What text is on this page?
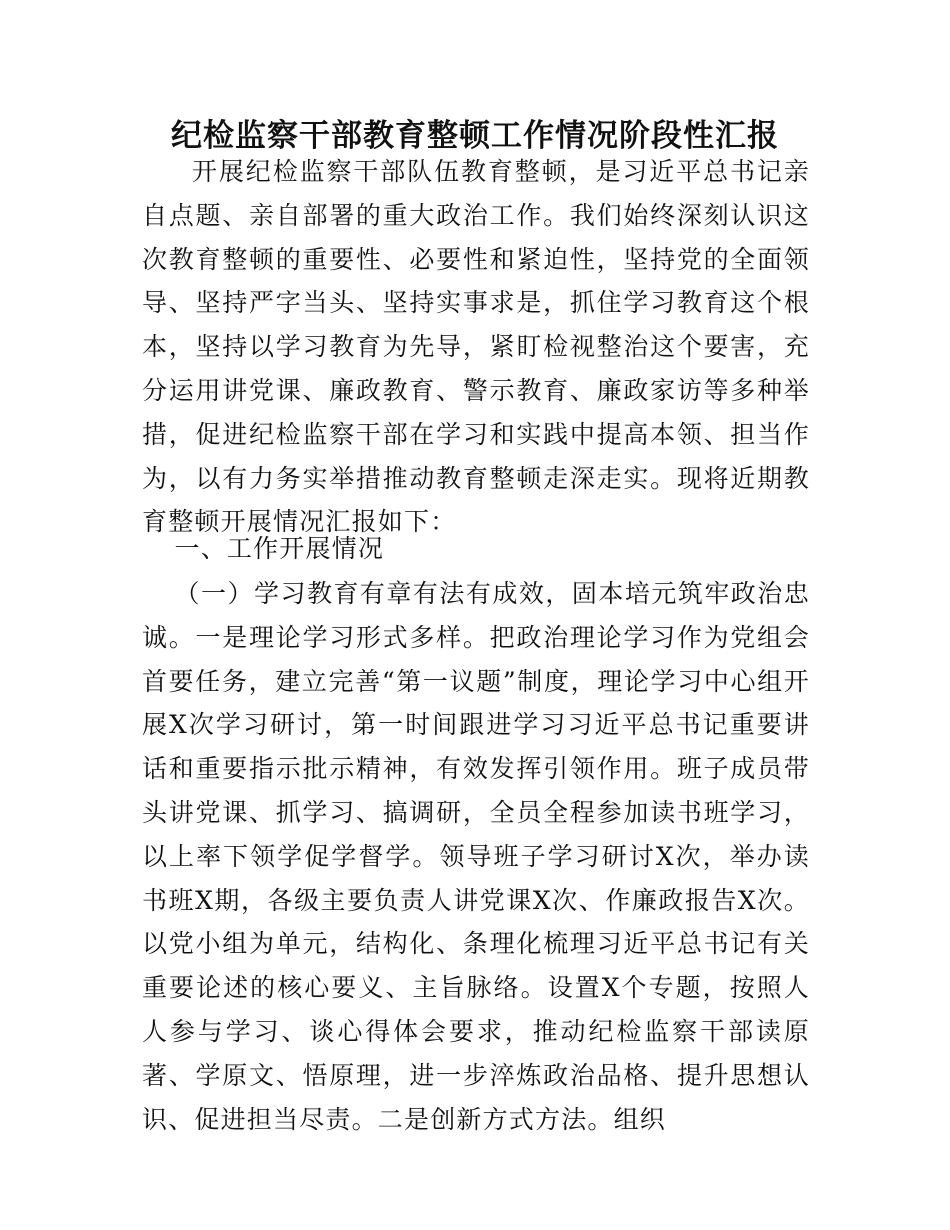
纪检监察干部教育整顿工作情况阶段性汇报

开展纪检监察干部队伍教育整顿，是习近平总书记亲自点题、亲自部署的重大政治工作。我们始终深刻认识这次教育整顿的重要性、必要性和紧迫性，坚持党的全面领导、坚持严字当头、坚持实事求是，抓住学习教育这个根本，坚持以学习教育为先导，紧盯检视整治这个要害，充分运用讲党课、廉政教育、警示教育、廉政家访等多种举措，促进纪检监察干部在学习和实践中提高本领、担当作为，以有力务实举措推动教育整顿走深走实。现将近期教育整顿开展情况汇报如下：

一、工作开展情况

（一）学习教育有章有法有成效，固本培元筑牢政治忠诚。一是理论学习形式多样。把政治理论学习作为党组会首要任务，建立完善“第一议题”制度，理论学习中心组开展X次学习研讨，第一时间跟进学习习近平总书记重要讲话和重要指示批示精神，有效发挥引领作用。班子成员带头讲党课、抓学习、搞调研，全员全程参加读书班学习，以上率下领学促学督学。领导班子学习研讨X次，举办读书班X期，各级主要负责人讲党课X次、作廉政报告X次。以党小组为单元，结构化、条理化梳理习近平总书记有关重要论述的核心要义、主旨脉络。设置X个专题，按照人人参与学习、谈心得体会要求，推动纪检监察干部读原著、学原文、悟原理，进一步淬炼政治品格、提升思想认识、促进担当尽责。二是创新方式方法。组织
